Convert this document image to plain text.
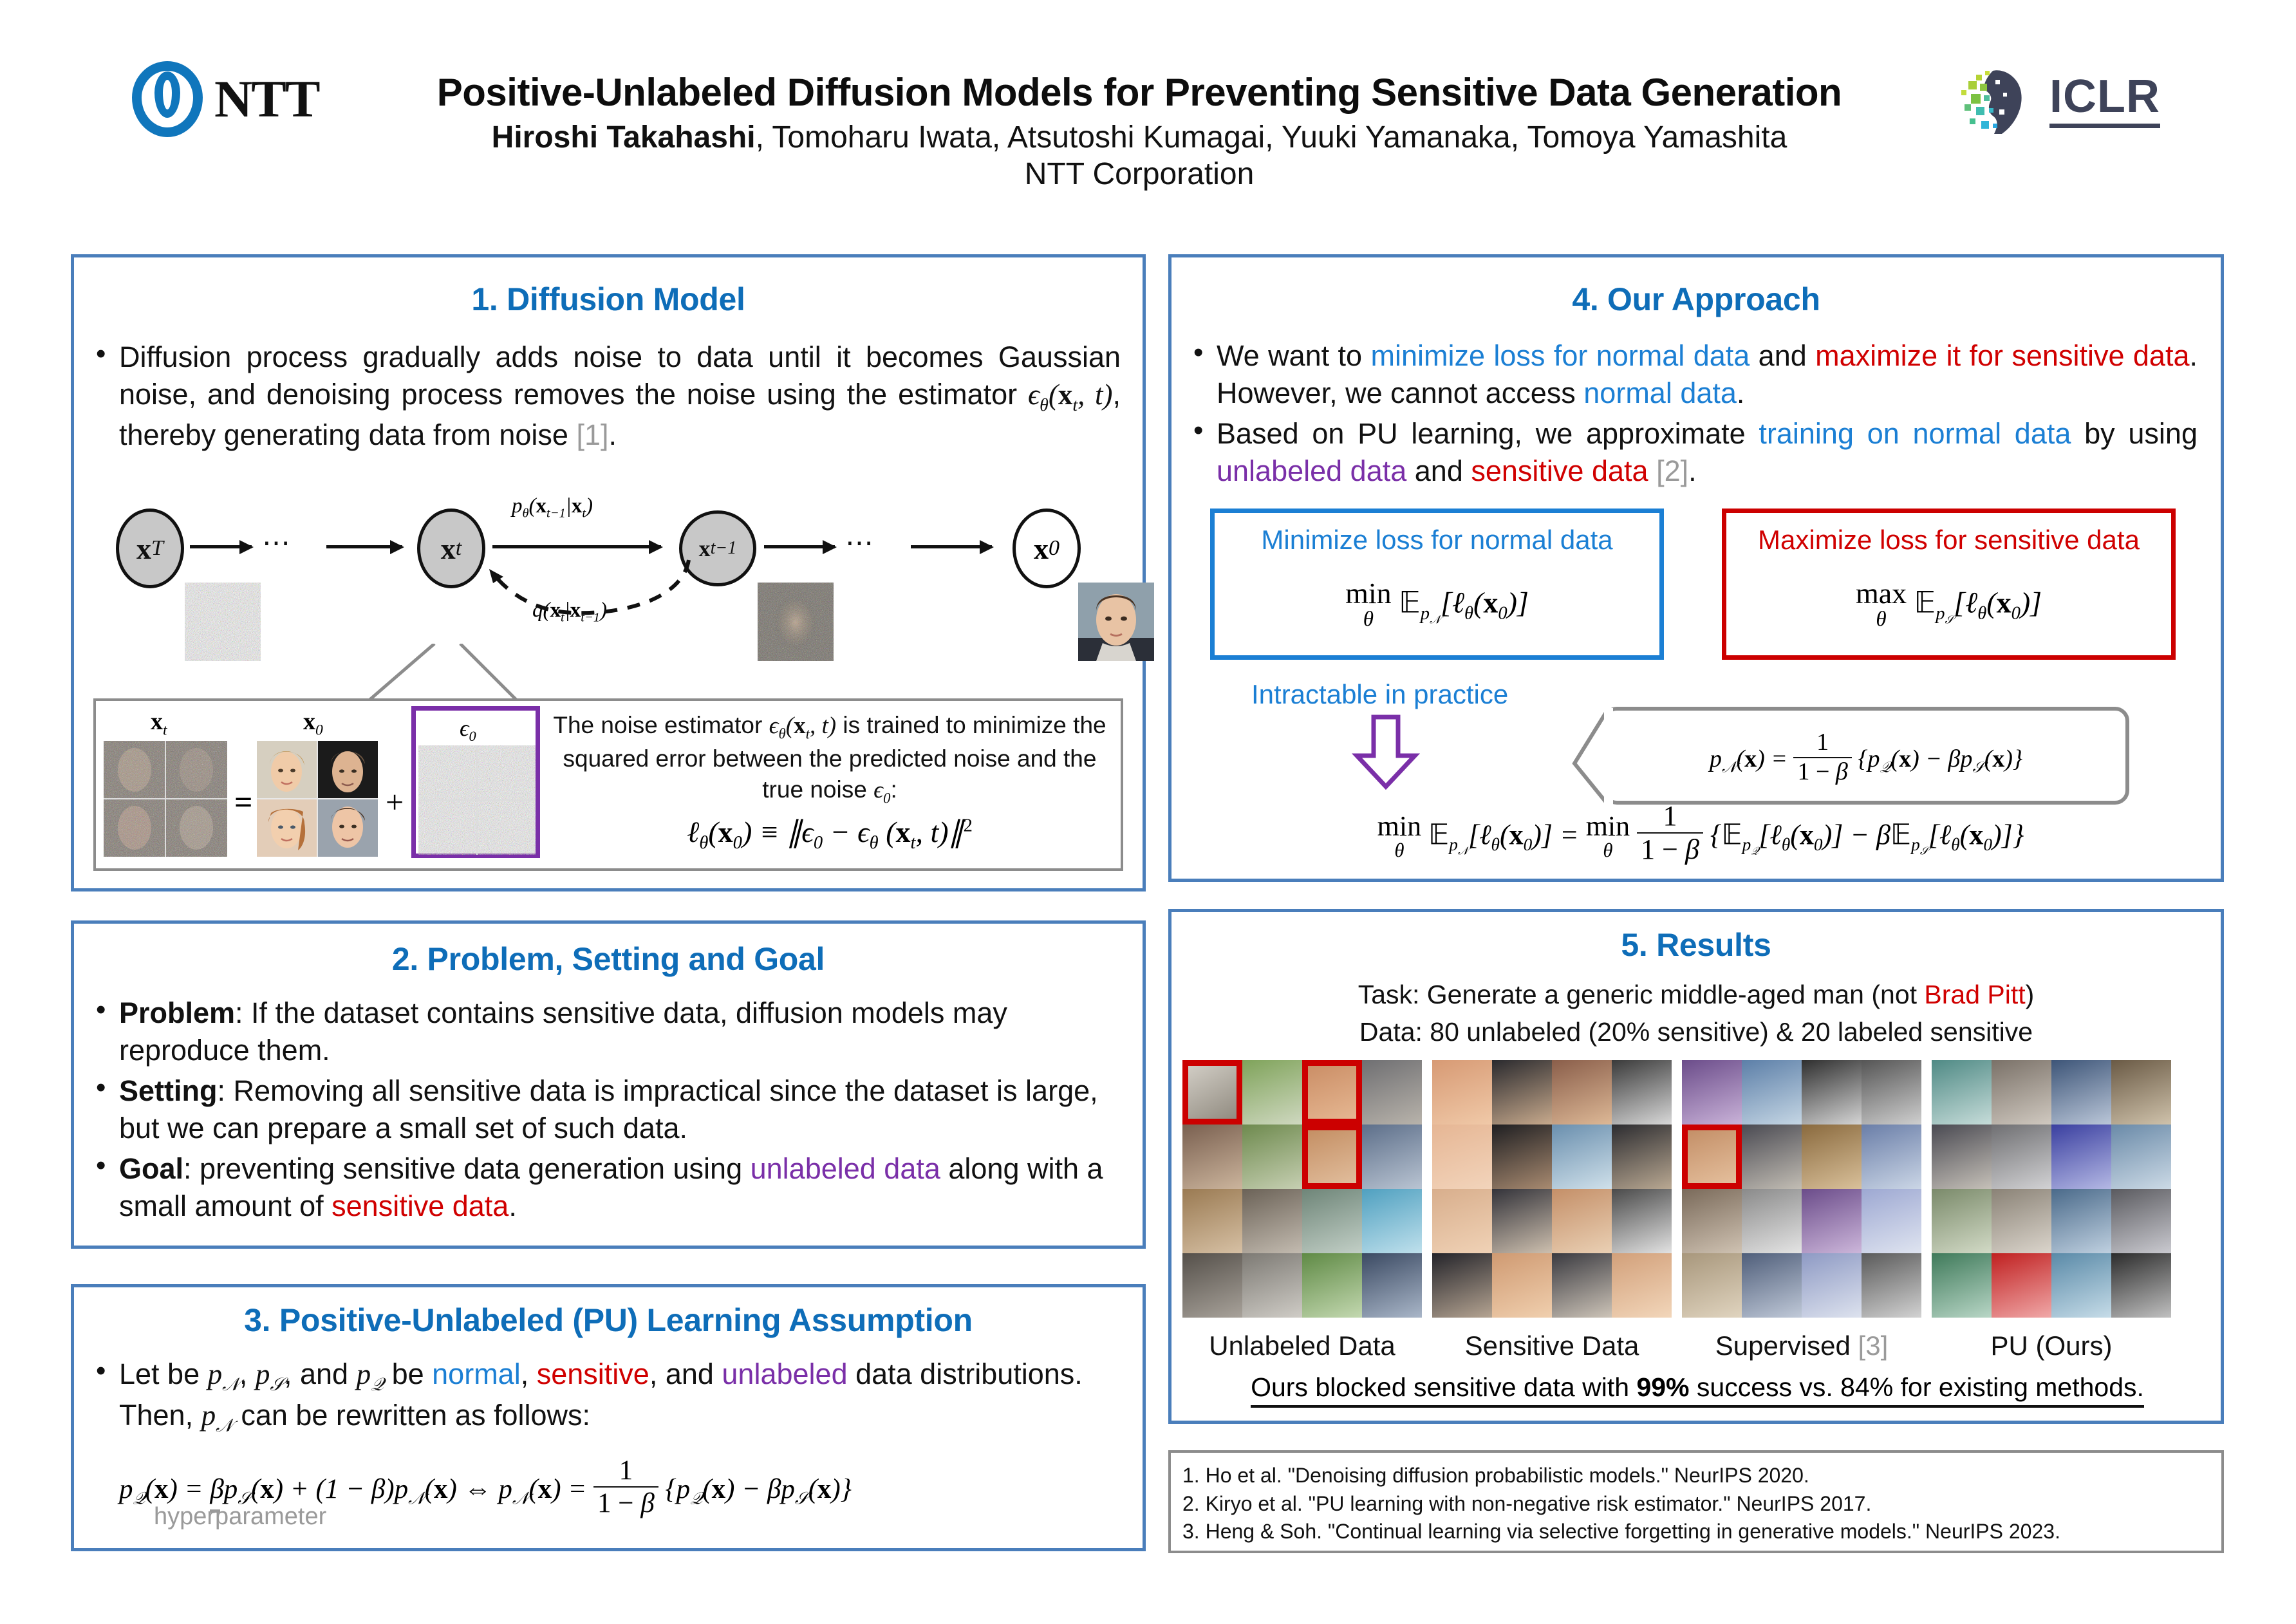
NTT	Positive-Unlabeled Diffusion Models for Preventing Sensitive Data Generation
Hiroshi Takahashi, Tomoharu Iwata, Atsutoshi Kumagai, Yuuki Yamanaka, Tomoya Yamashita
NTT Corporation
ICLR
1. Diffusion Model
• Diffusion process gradually adds noise to data until it becomes Gaussian noise, and denoising process removes the noise using the estimator $\epsilon_\theta(x_t$, t), thereby generating data from noise [1].
x T	x t	x t−1	x 0
⋯	⋯
$p_\theta(x_{t-1}|x_t)$
$q(x_t|x_{t-1})$
$x_t$
=
$x_0$
+
$\epsilon_0$	The noise estimator $\epsilon_\theta(x_t$, t) is trained to minimize the squared error between the predicted noise and the true noise $\epsilon_0$:
$\ell_\theta(x_0)$ ≡ $\parallel\epsilon_0 - \epsilon_\theta$ ($x_t$, t)∥$^2$
2. Problem, Setting and Goal
• Problem: If the dataset contains sensitive data, diffusion models may reproduce them.
• Setting: Removing all sensitive data is impractical since the dataset is large, but we can prepare a small set of such data.
• Goal: preventing sensitive data generation using unlabeled data along with a small amount of sensitive data.
3. Positive-Unlabeled (PU) Learning Assumption
• Let be $p_𝒩$, $p_𝒮$, and $p_𝒬$ be normal, sensitive, and unlabeled data distributions. Then, $p_𝒩$ can be rewritten as follows:
$p_𝒬(x) = \beta$
$p_𝒮(x) + (1 - \beta)p_𝒩(x)$ ⇔ $p_𝒩(x) = \frac{1}{1 - \beta} \{p_𝒬(x) - \beta p_𝒮(x)\}$
hyperparameter
4. Our Approach
• We want to minimize loss for normal data and maximize it for sensitive data. However, we cannot access normal data.
• Based on PU learning, we approximate training on normal data by using unlabeled data and sensitive data [2].
Minimize loss for normal data
min
θ
$𝔼_{p_𝒩}[\ell_\theta(x_0)]$
Maximize loss for sensitive data
max
θ
$𝔼_{p_𝒮}[\ell_\theta(x_0)]$
Intractable in practice
$p_𝒩(x) = \frac{1}{1 - \beta} \{p_𝒬(x) - \beta p_𝒮(x)\}$
min
θ $𝔼_{p_𝒩}[\ell_\theta(x_0)] = \min$
θ
$\frac{1}{1 - \beta}$ {$𝔼_{p_𝒬}[\ell_\theta(x_0)]$ − $\beta 𝔼_{p_𝒮}[\ell_\theta(x_0)]$}
5. Results
Task: Generate a generic middle-aged man (not Brad Pitt)
Data: 80 unlabeled (20% sensitive) & 20 labeled sensitive
Unlabeled Data	Sensitive Data	Supervised [3]	PU (Ours)
Ours blocked sensitive data with 99% success vs. 84% for existing methods.
1. Ho et al. "Denoising diffusion probabilistic models." NeurIPS 2020.
2. Kiryo et al. "PU learning with non-negative risk estimator." NeurIPS 2017.
3. Heng & Soh. "Continual learning via selective forgetting in generative models." NeurIPS 2023.
